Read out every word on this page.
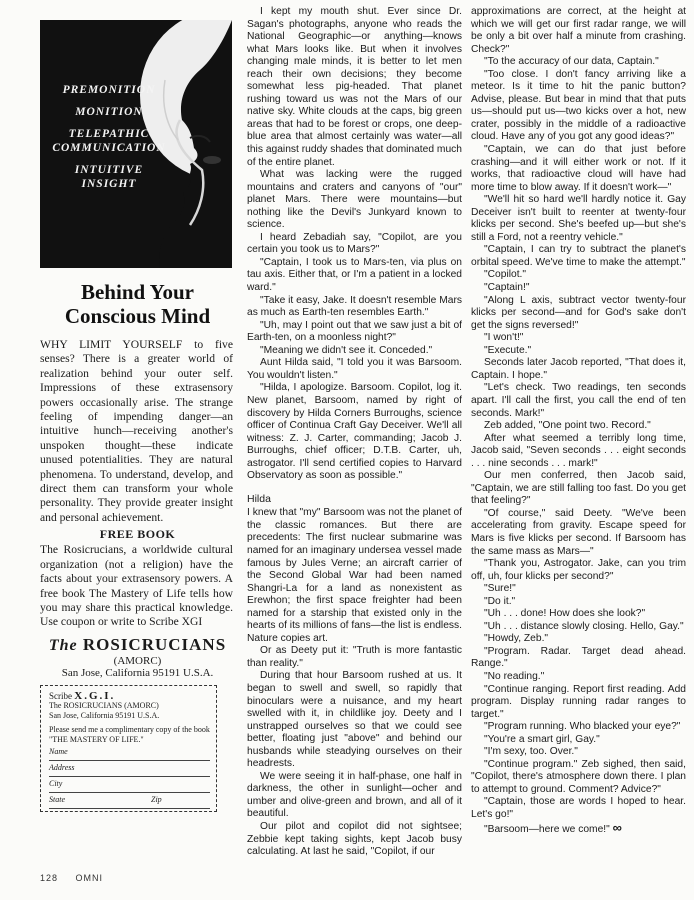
PREMONITION
MONITION
TELEPATHIC
COMMUNICATION
INTUITIVE
INSIGHT
Behind Your
Conscious Mind
WHY LIMIT YOURSELF to five senses? There is a greater world of realization behind your outer self. Impressions of these extrasensory powers occasionally arise. The strange feeling of impending danger—an intuitive hunch—receiving another's unspoken thought—these indicate unused potentialities. They are natural phenomena. To understand, develop, and direct them can transform your whole personality. They provide greater insight and personal achievement.
FREE BOOK
The Rosicrucians, a worldwide cultural organization (not a religion) have the facts about your extrasensory powers. A free book The Mastery of Life tells how you may share this practical knowledge. Use coupon or write to Scribe XGI
The ROSICRUCIANS
(AMORC)
San Jose, California 95191 U.S.A.
Scribe X.G.I.
The ROSICRUCIANS (AMORC)
San Jose, California 95191 U.S.A.
Please send me a complimentary copy of the book "THE MASTERY OF LIFE."
Name
Address
City
State	Zip

I kept my mouth shut. Ever since Dr. Sagan's photographs, anyone who reads the National Geographic—or anything—knows what Mars looks like. But when it involves changing male minds, it is better to let men reach their own decisions; they become somewhat less pig-headed. That planet rushing toward us was not the Mars of our native sky. White clouds at the caps, big green areas that had to be forest or crops, one deep-blue area that almost certainly was water—all this against ruddy shades that dominated much of the entire planet.

What was lacking were the rugged mountains and craters and canyons of "our" planet Mars. There were mountains—but nothing like the Devil's Junkyard known to science.

I heard Zebadiah say, "Copilot, are you certain you took us to Mars?"

"Captain, I took us to Mars-ten, via plus on tau axis. Either that, or I'm a patient in a locked ward."

"Take it easy, Jake. It doesn't resemble Mars as much as Earth-ten resembles Earth."

"Uh, may I point out that we saw just a bit of Earth-ten, on a moonless night?"

"Meaning we didn't see it. Conceded."

Aunt Hilda said, "I told you it was Barsoom. You wouldn't listen."

"Hilda, I apologize. Barsoom. Copilot, log it. New planet, Barsoom, named by right of discovery by Hilda Corners Burroughs, science officer of Continua Craft Gay Deceiver. We'll all witness: Z. J. Carter, commanding; Jacob J. Burroughs, chief officer; D.T.B. Carter, uh, astrogator. I'll send certified copies to Harvard Observatory as soon as possible."

Hilda

I knew that "my" Barsoom was not the planet of the classic romances. But there are precedents: The first nuclear submarine was named for an imaginary undersea vessel made famous by Jules Verne; an aircraft carrier of the Second Global War had been named Shangri-La for a land as nonexistent as Erewhon; the first space freighter had been named for a starship that existed only in the hearts of its millions of fans—the list is endless. Nature copies art.

Or as Deety put it: "Truth is more fantastic than reality."

During that hour Barsoom rushed at us. It began to swell and swell, so rapidly that binoculars were a nuisance, and my heart swelled with it, in childlike joy. Deety and I unstrapped ourselves so that we could see better, floating just "above" and behind our husbands while steadying ourselves on their headrests.

We were seeing it in half-phase, one half in darkness, the other in sunlight—ocher and umber and olive-green and brown, and all of it beautiful.

Our pilot and copilot did not sightsee; Zebbie kept taking sights, kept Jacob busy calculating. At last he said, "Copilot, if our

approximations are correct, at the height at which we will get our first radar range, we will be only a bit over half a minute from crashing. Check?"

"To the accuracy of our data, Captain."

"Too close. I don't fancy arriving like a meteor. Is it time to hit the panic button? Advise, please. But bear in mind that that puts us—should put us—two kicks over a hot, new crater, possibly in the middle of a radioactive cloud. Have any of you got any good ideas?"

"Captain, we can do that just before crashing—and it will either work or not. If it works, that radioactive cloud will have had more time to blow away. If it doesn't work—"

"We'll hit so hard we'll hardly notice it. Gay Deceiver isn't built to reenter at twenty-four klicks per second. She's beefed up—but she's still a Ford, not a reentry vehicle."

"Captain, I can try to subtract the planet's orbital speed. We've time to make the attempt."

"Copilot."

"Captain!"

"Along L axis, subtract vector twenty-four klicks per second—and for God's sake don't get the signs reversed!"

"I won't!"

"Execute."

Seconds later Jacob reported, "That does it, Captain. I hope."

"Let's check. Two readings, ten seconds apart. I'll call the first, you call the end of ten seconds. Mark!"

Zeb added, "One point two. Record."

After what seemed a terribly long time, Jacob said, "Seven seconds . . . eight seconds . . . nine seconds . . . mark!"

Our men conferred, then Jacob said, "Captain, we are still falling too fast. Do you get that feeling?"

"Of course," said Deety. "We've been accelerating from gravity. Escape speed for Mars is five klicks per second. If Barsoom has the same mass as Mars—"

"Thank you, Astrogator. Jake, can you trim off, uh, four klicks per second?"

"Sure!"

"Do it."

"Uh . . . done! How does she look?"

"Uh . . . distance slowly closing. Hello, Gay."

"Howdy, Zeb."

"Program. Radar. Target dead ahead. Range."

"No reading."

"Continue ranging. Report first reading. Add program. Display running radar ranges to target."

"Program running. Who blacked your eye?"

"You're a smart girl, Gay."

"I'm sexy, too. Over."

"Continue program." Zeb sighed, then said, "Copilot, there's atmosphere down there. I plan to attempt to ground. Comment? Advice?"

"Captain, those are words I hoped to hear. Let's go!"

"Barsoom—here we come!" ∞

128 OMNI
